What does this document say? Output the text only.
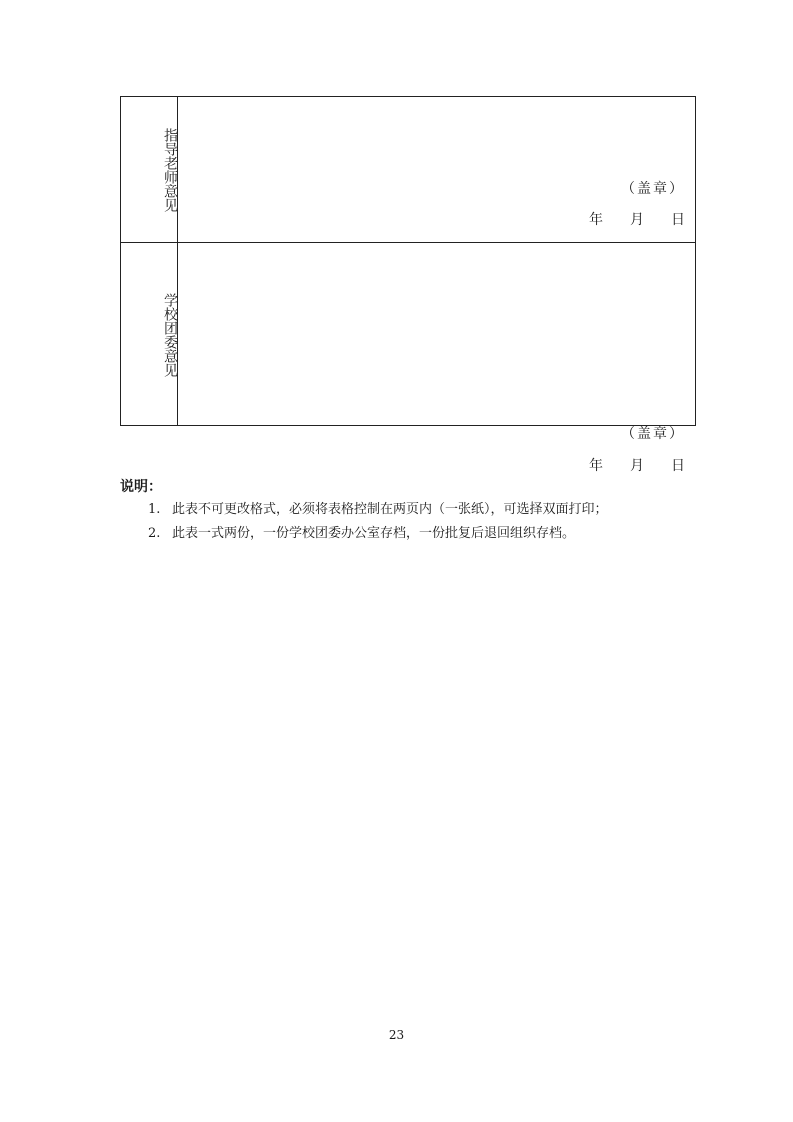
指导老师意见	（盖章）
年 月 日
学校团委意见
（盖章）
年 月 日
说明：
1. 此表不可更改格式，必须将表格控制在两页内（一张纸），可选择双面打印；
2. 此表一式两份，一份学校团委办公室存档，一份批复后退回组织存档。
23
